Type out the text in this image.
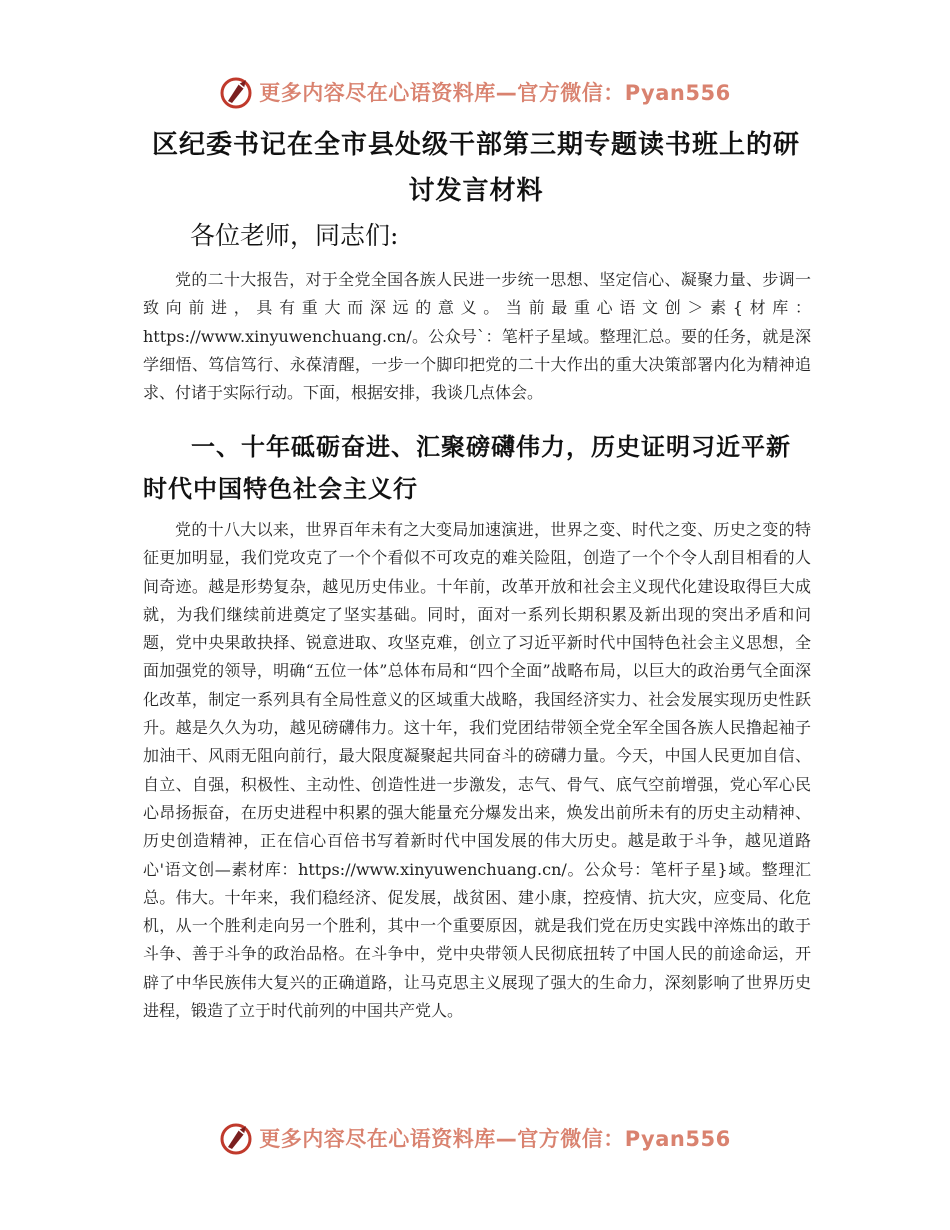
更多内容尽在心语资料库—官方微信：Pyan556
区纪委书记在全市县处级干部第三期专题读书班上的研讨发言材料

各位老师，同志们:

党的二十大报告，对于全党全国各族人民进一步统一思想、坚定信心、凝聚力量、步调一致向前进，具有重大而深远的意义。当前最重心语文创＞素{材库：https://www.xinyuwenchuang.cn/。公众号`：笔杆子星域。整理汇总。要的任务，就是深学细悟、笃信笃行、永葆清醒，一步一个脚印把党的二十大作出的重大决策部署内化为精神追求、付诸于实际行动。下面，根据安排，我谈几点体会。

一、十年砥砺奋进、汇聚磅礴伟力，历史证明习近平新时代中国特色社会主义行

党的十八大以来，世界百年未有之大变局加速演进，世界之变、时代之变、历史之变的特征更加明显，我们党攻克了一个个看似不可攻克的难关险阻，创造了一个个令人刮目相看的人间奇迹。越是形势复杂，越见历史伟业。十年前，改革开放和社会主义现代化建设取得巨大成就，为我们继续前进奠定了坚实基础。同时，面对一系列长期积累及新出现的突出矛盾和问题，党中央果敢抉择、锐意进取、攻坚克难，创立了习近平新时代中国特色社会主义思想，全面加强党的领导，明确“五位一体”总体布局和“四个全面”战略布局，以巨大的政治勇气全面深化改革，制定一系列具有全局性意义的区域重大战略，我国经济实力、社会发展实现历史性跃升。越是久久为功，越见磅礴伟力。这十年，我们党团结带领全党全军全国各族人民撸起袖子加油干、风雨无阻向前行，最大限度凝聚起共同奋斗的磅礴力量。今天，中国人民更加自信、自立、自强，积极性、主动性、创造性进一步激发，志气、骨气、底气空前增强，党心军心民心昂扬振奋，在历史进程中积累的强大能量充分爆发出来，焕发出前所未有的历史主动精神、历史创造精神，正在信心百倍书写着新时代中国发展的伟大历史。越是敢于斗争，越见道路心'语文创—素材库：https://www.xinyuwenchuang.cn/。公众号：笔杆子星}域。整理汇总。伟大。十年来，我们稳经济、促发展，战贫困、建小康，控疫情、抗大灾，应变局、化危机，从一个胜利走向另一个胜利，其中一个重要原因，就是我们党在历史实践中淬炼出的敢于斗争、善于斗争的政治品格。在斗争中，党中央带领人民彻底扭转了中国人民的前途命运，开辟了中华民族伟大复兴的正确道路，让马克思主义展现了强大的生命力，深刻影响了世界历史进程，锻造了立于时代前列的中国共产党人。

更多内容尽在心语资料库—官方微信：Pyan556
